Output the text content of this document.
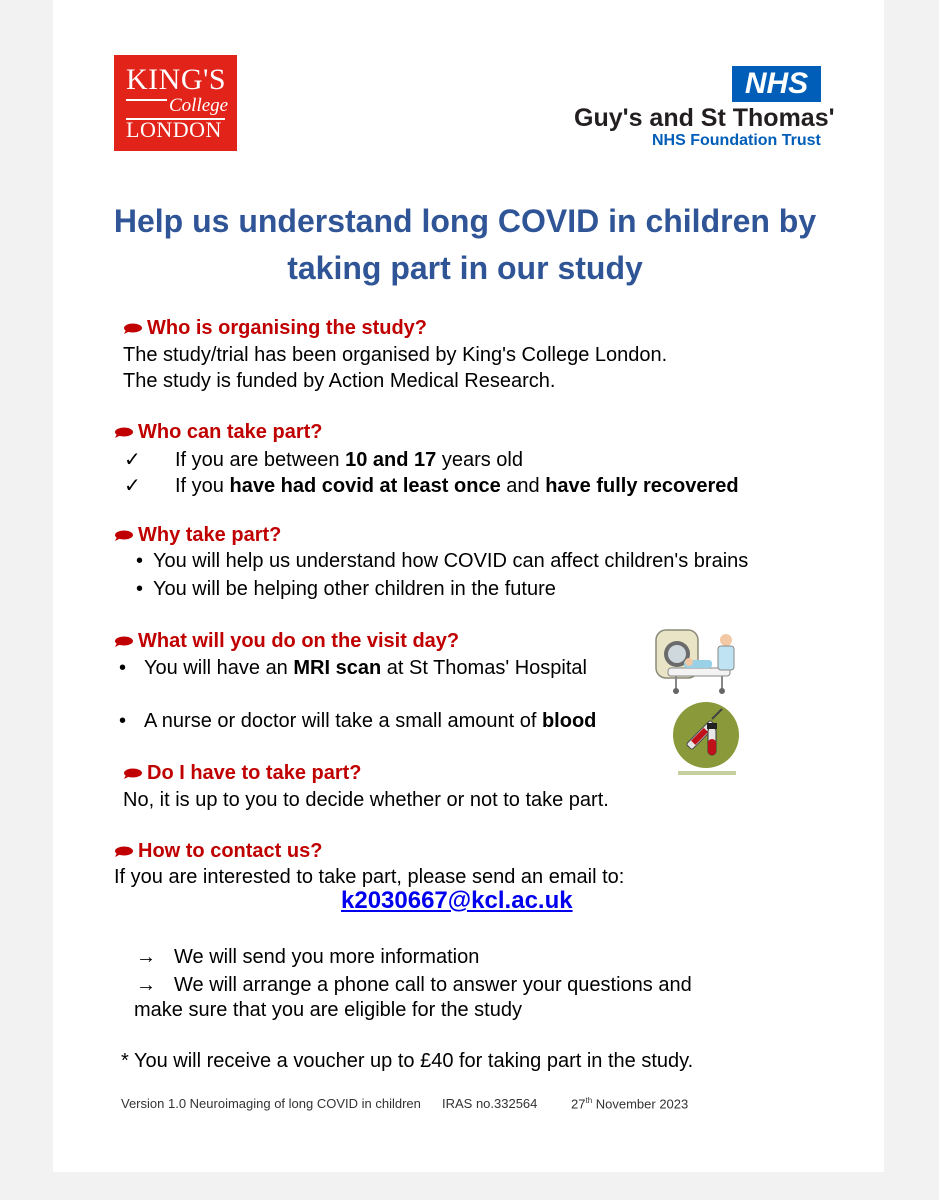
KING'S
College
LONDON
NHS
Guy's and St Thomas'
NHS Foundation Trust
Help us understand long COVID in children by taking part in our study
Who is organising the study?
The study/trial has been organised by King's College London.
The study is funded by Action Medical Research.
Who can take part?
✓ If you are between 10 and 17 years old
✓ If you have had covid at least once and have fully recovered
Why take part?
• You will help us understand how COVID can affect children's brains
• You will be helping other children in the future
What will you do on the visit day?
• You will have an MRI scan at St Thomas' Hospital
• A nurse or doctor will take a small amount of blood
Do I have to take part?
No, it is up to you to decide whether or not to take part.
How to contact us?
If you are interested to take part, please send an email to:
k2030667@kcl.ac.uk
→ We will send you more information
→ We will arrange a phone call to answer your questions and
make sure that you are eligible for the study
* You will receive a voucher up to £40 for taking part in the study.
Version 1.0 Neuroimaging of long COVID in children IRAS no. 332564	27th November 2023
